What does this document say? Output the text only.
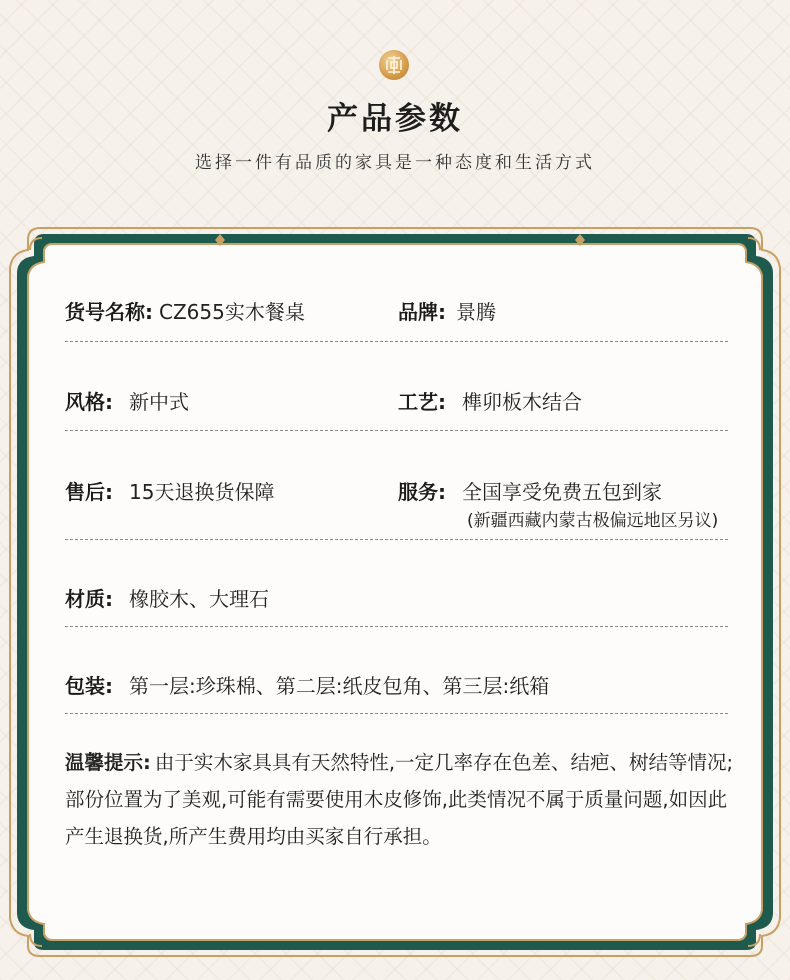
产品参数
选择一件有品质的家具是一种态度和生活方式
货号名称: CZ655实木餐桌	品牌: 景腾
风格: 新中式	工艺: 榫卯板木结合
售后: 15天退换货保障	服务: 全国享受免费五包到家
(新疆西藏内蒙古极偏远地区另议)
材质: 橡胶木、大理石
包装: 第一层:珍珠棉、第二层:纸皮包角、第三层:纸箱
温馨提示: 由于实木家具具有天然特性,一定几率存在色差、结疤、树结等情况;部份位置为了美观,可能有需要使用木皮修饰,此类情况不属于质量问题,如因此产生退换货,所产生费用均由买家自行承担。
